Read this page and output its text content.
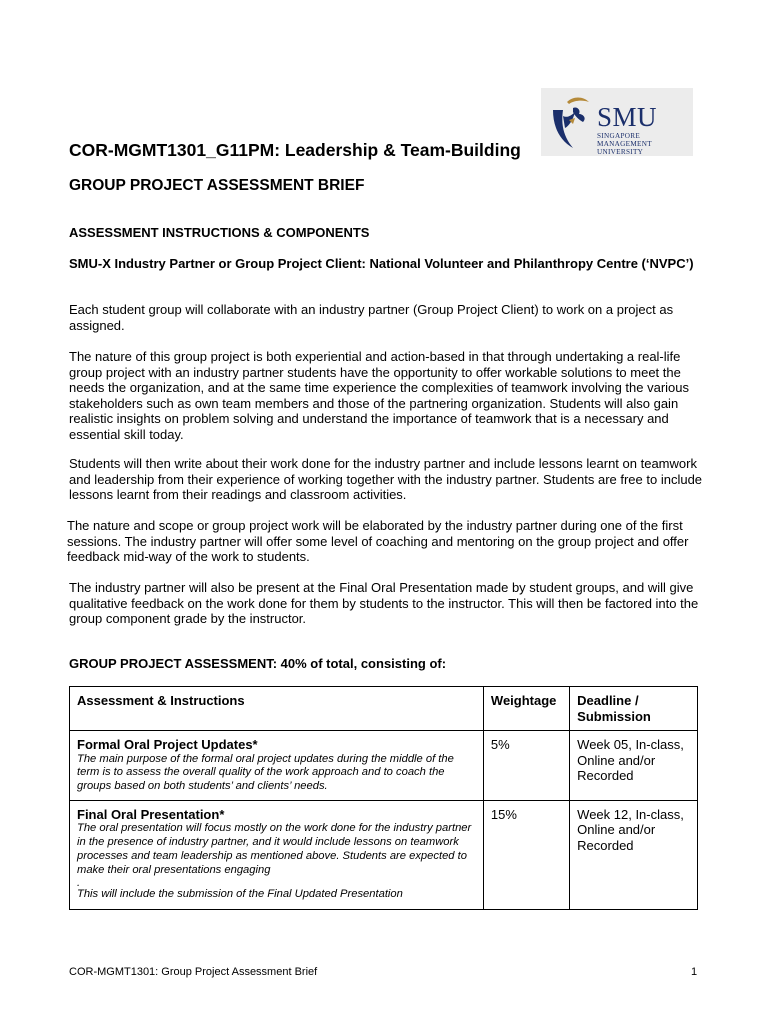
SMU
SINGAPORE MANAGEMENT UNIVERSITY
COR-MGMT1301_G11PM: Leadership & Team-Building
GROUP PROJECT ASSESSMENT BRIEF
ASSESSMENT INSTRUCTIONS & COMPONENTS
SMU-X Industry Partner or Group Project Client: National Volunteer and Philanthropy Centre (‘NVPC’)
Each student group will collaborate with an industry partner (Group Project Client) to work on a project as assigned.
The nature of this group project is both experiential and action-based in that through undertaking a real-life group project with an industry partner students have the opportunity to offer workable solutions to meet the needs the organization, and at the same time experience the complexities of teamwork involving the various stakeholders such as own team members and those of the partnering organization. Students will also gain realistic insights on problem solving and understand the importance of teamwork that is a necessary and essential skill today.
Students will then write about their work done for the industry partner and include lessons learnt on teamwork and leadership from their experience of working together with the industry partner. Students are free to include lessons learnt from their readings and classroom activities.
The nature and scope or group project work will be elaborated by the industry partner during one of the first sessions. The industry partner will offer some level of coaching and mentoring on the group project and offer feedback mid-way of the work to students.
The industry partner will also be present at the Final Oral Presentation made by student groups, and will give qualitative feedback on the work done for them by students to the instructor. This will then be factored into the group component grade by the instructor.
GROUP PROJECT ASSESSMENT: 40% of total, consisting of:
Assessment & Instructions	Weightage	Deadline / Submission

Formal Oral Project Updates*
The main purpose of the formal oral project updates during the middle of the term is to assess the overall quality of the work approach and to coach the groups based on both students’ and clients’ needs.	5%	Week 05, In-class, Online and/or Recorded

Final Oral Presentation*
The oral presentation will focus mostly on the work done for the industry partner in the presence of industry partner, and it would include lessons on teamwork processes and team leadership as mentioned above. Students are expected to make their oral presentations engaging
.
This will include the submission of the Final Updated Presentation	15%	Week 12, In-class, Online and/or Recorded
COR-MGMT1301: Group Project Assessment Brief	1
